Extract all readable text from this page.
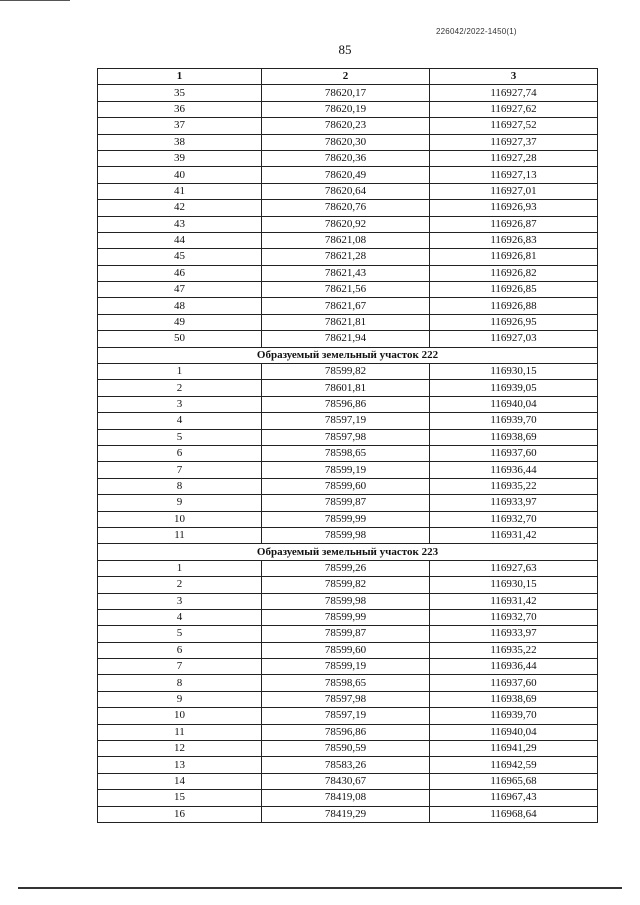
226042/2022-1450(1)
85
1	2	3
35	78620,17	116927,74
36	78620,19	116927,62
37	78620,23	116927,52
38	78620,30	116927,37
39	78620,36	116927,28
40	78620,49	116927,13
41	78620,64	116927,01
42	78620,76	116926,93
43	78620,92	116926,87
44	78621,08	116926,83
45	78621,28	116926,81
46	78621,43	116926,82
47	78621,56	116926,85
48	78621,67	116926,88
49	78621,81	116926,95
50	78621,94	116927,03
Образуемый земельный участок 222		
1	78599,82	116930,15
2	78601,81	116939,05
3	78596,86	116940,04
4	78597,19	116939,70
5	78597,98	116938,69
6	78598,65	116937,60
7	78599,19	116936,44
8	78599,60	116935,22
9	78599,87	116933,97
10	78599,99	116932,70
11	78599,98	116931,42
Образуемый земельный участок 223		
1	78599,26	116927,63
2	78599,82	116930,15
3	78599,98	116931,42
4	78599,99	116932,70
5	78599,87	116933,97
6	78599,60	116935,22
7	78599,19	116936,44
8	78598,65	116937,60
9	78597,98	116938,69
10	78597,19	116939,70
11	78596,86	116940,04
12	78590,59	116941,29
13	78583,26	116942,59
14	78430,67	116965,68
15	78419,08	116967,43
16	78419,29	116968,64
